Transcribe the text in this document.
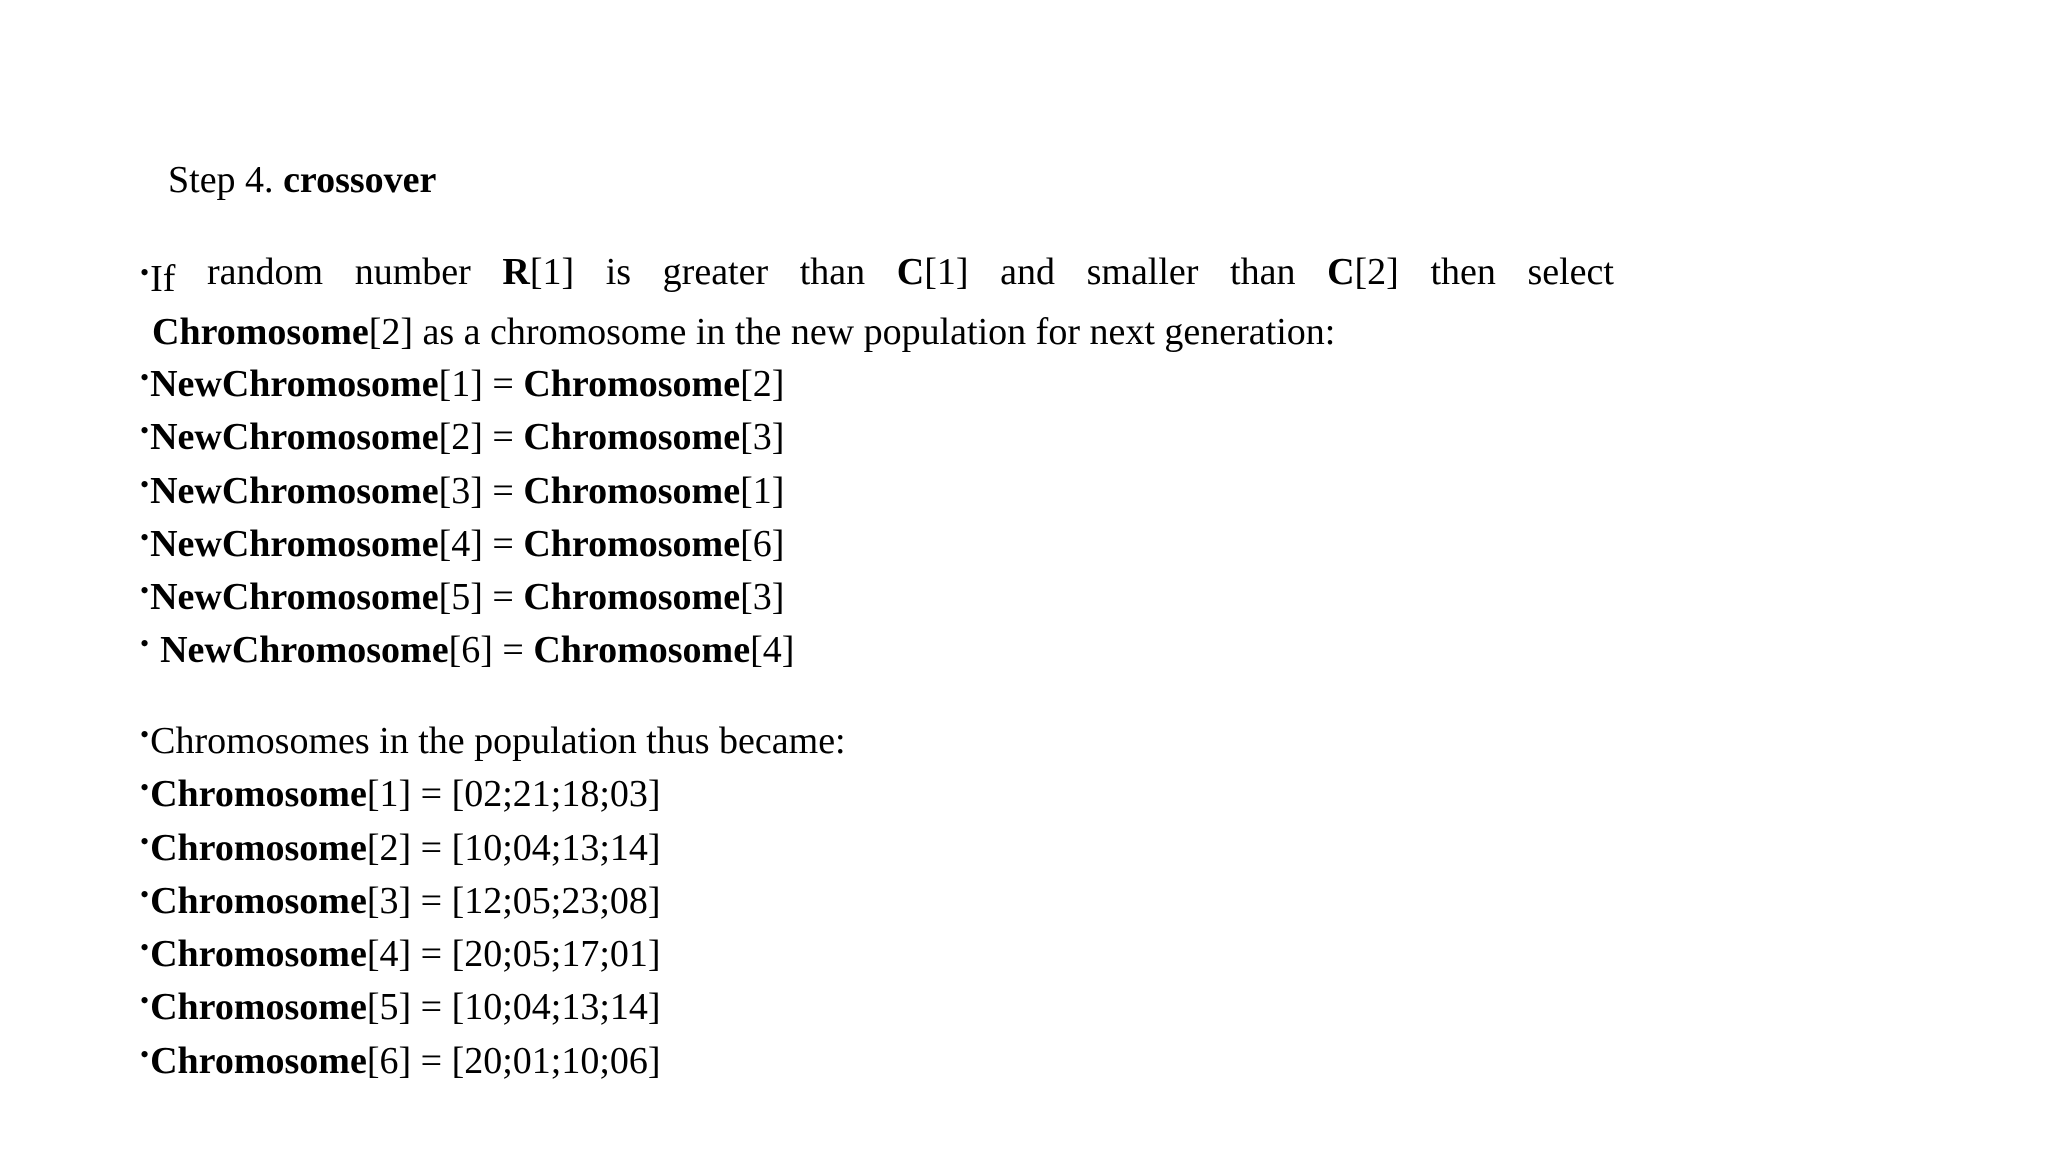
Step 4. crossover
•If random number R[1] is greater than C[1] and smaller than C[2] then select
Chromosome[2] as a chromosome in the new population for next generation:
•NewChromosome[1] = Chromosome[2]
•NewChromosome[2] = Chromosome[3]
•NewChromosome[3] = Chromosome[1]
•NewChromosome[4] = Chromosome[6]
•NewChromosome[5] = Chromosome[3]
• NewChromosome[6] = Chromosome[4]
•Chromosomes in the population thus became:
•Chromosome[1] = [02;21;18;03]
•Chromosome[2] = [10;04;13;14]
•Chromosome[3] = [12;05;23;08]
•Chromosome[4] = [20;05;17;01]
•Chromosome[5] = [10;04;13;14]
•Chromosome[6] = [20;01;10;06]
